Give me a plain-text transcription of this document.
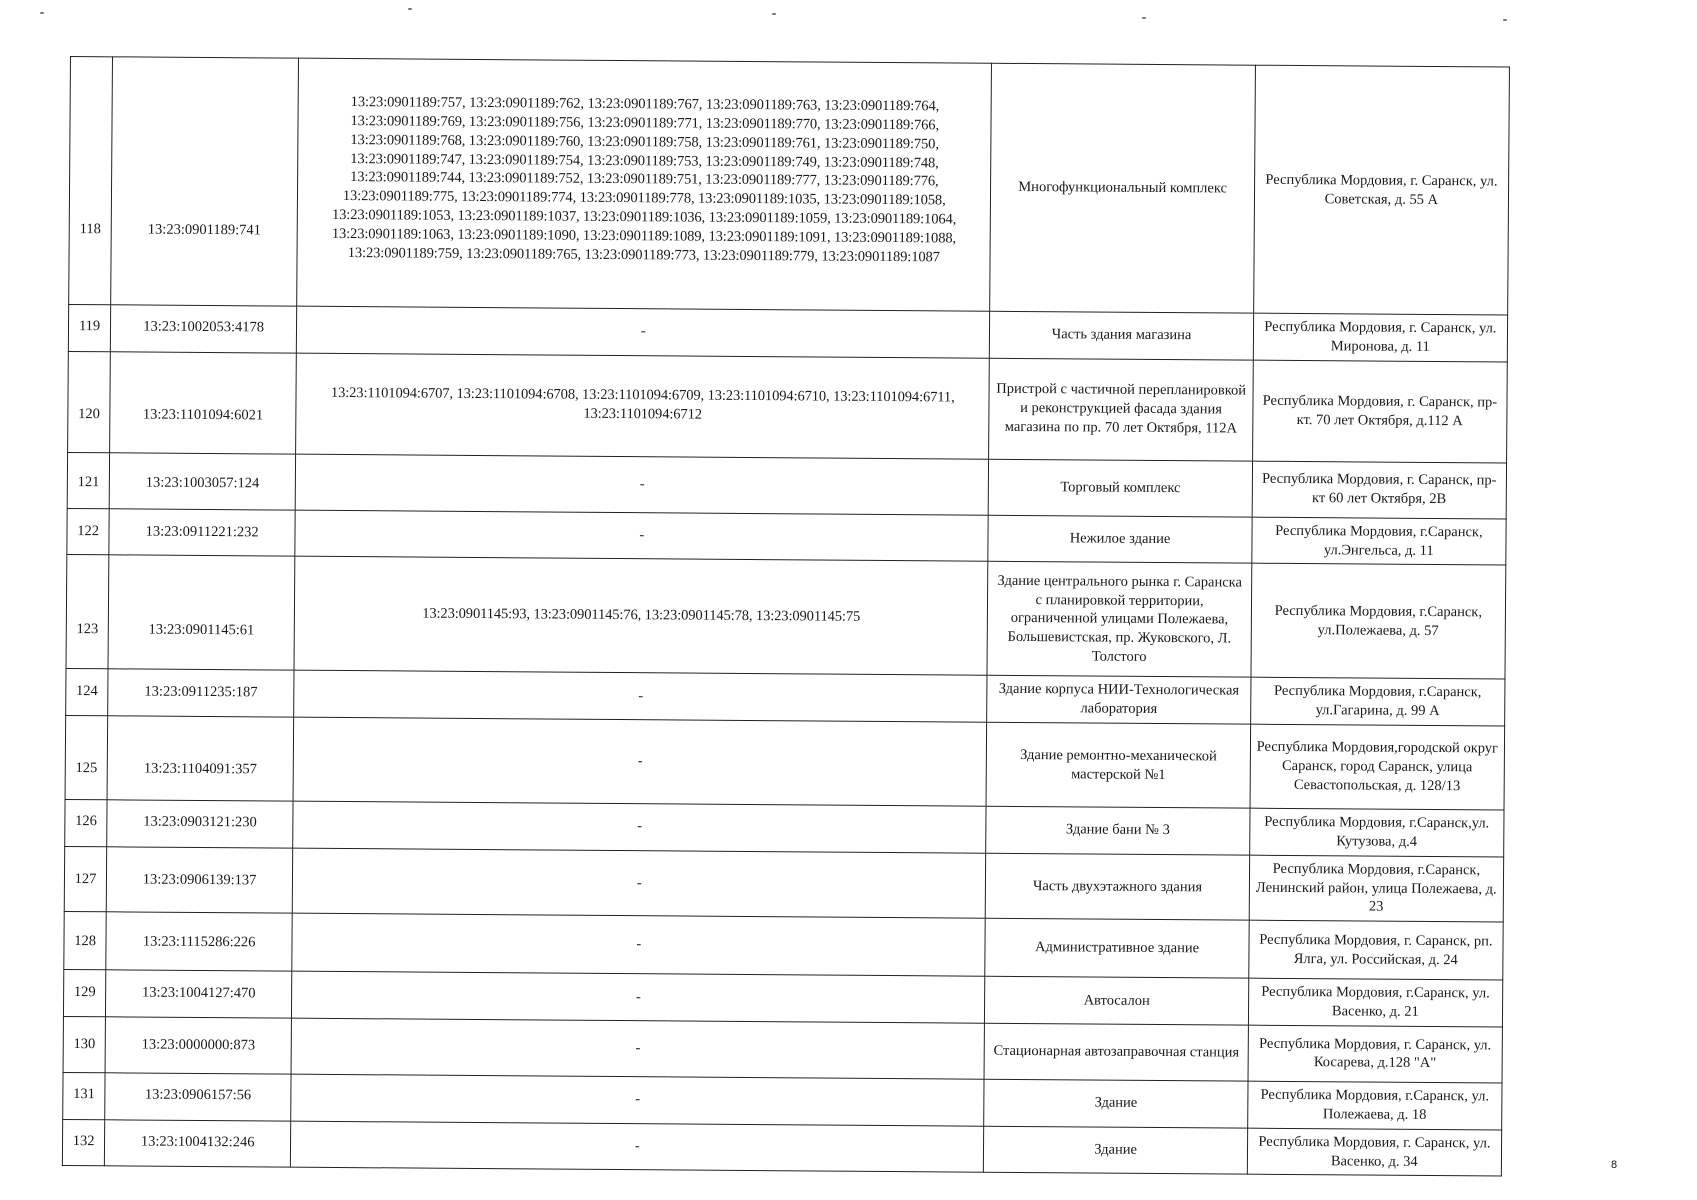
118	13:23:0901189:741	13:23:0901189:757, 13:23:0901189:762, 13:23:0901189:767, 13:23:0901189:763, 13:23:0901189:764, 13:23:0901189:769, 13:23:0901189:756, 13:23:0901189:771, 13:23:0901189:770, 13:23:0901189:766, 13:23:0901189:768, 13:23:0901189:760, 13:23:0901189:758, 13:23:0901189:761, 13:23:0901189:750, 13:23:0901189:747, 13:23:0901189:754, 13:23:0901189:753, 13:23:0901189:749, 13:23:0901189:748, 13:23:0901189:744, 13:23:0901189:752, 13:23:0901189:751, 13:23:0901189:777, 13:23:0901189:776, 13:23:0901189:775, 13:23:0901189:774, 13:23:0901189:778, 13:23:0901189:1035, 13:23:0901189:1058, 13:23:0901189:1053, 13:23:0901189:1037, 13:23:0901189:1036, 13:23:0901189:1059, 13:23:0901189:1064, 13:23:0901189:1063, 13:23:0901189:1090, 13:23:0901189:1089, 13:23:0901189:1091, 13:23:0901189:1088, 13:23:0901189:759, 13:23:0901189:765, 13:23:0901189:773, 13:23:0901189:779, 13:23:0901189:1087	Многофункциональный комплекс	Республика Мордовия, г. Саранск, ул. Советская, д. 55 А
119	13:23:1002053:4178	-	Часть здания магазина	Республика Мордовия, г. Саранск, ул. Миронова, д. 11
120	13:23:1101094:6021	13:23:1101094:6707, 13:23:1101094:6708, 13:23:1101094:6709, 13:23:1101094:6710, 13:23:1101094:6711, 13:23:1101094:6712	Пристрой с частичной перепланировкой и реконструкцией фасада здания магазина по пр. 70 лет Октября, 112А	Республика Мордовия, г. Саранск, пр-кт. 70 лет Октября, д.112 А
121	13:23:1003057:124	-	Торговый комплекс	Республика Мордовия, г. Саранск, пр-кт 60 лет Октября, 2В
122	13:23:0911221:232	-	Нежилое здание	Республика Мордовия, г.Саранск, ул.Энгельса, д. 11
123	13:23:0901145:61	13:23:0901145:93, 13:23:0901145:76, 13:23:0901145:78, 13:23:0901145:75	Здание центрального рынка г. Саранска с планировкой территории, ограниченной улицами Полежаева, Большевистская, пр. Жуковского, Л. Толстого	Республика Мордовия, г.Саранск, ул.Полежаева, д. 57
124	13:23:0911235:187	-	Здание корпуса НИИ-Технологическая лаборатория	Республика Мордовия, г.Саранск, ул.Гагарина, д. 99 А
125	13:23:1104091:357	-	Здание ремонтно-механической мастерской №1	Республика Мордовия,городской округ Саранск, город Саранск, улица Севастопольская, д. 128/13
126	13:23:0903121:230	-	Здание бани № 3	Республика Мордовия, г.Саранск,ул. Кутузова, д.4
127	13:23:0906139:137	-	Часть двухэтажного здания	Республика Мордовия, г.Саранск, Ленинский район, улица Полежаева, д. 23
128	13:23:1115286:226	-	Административное здание	Республика Мордовия, г. Саранск, рп. Ялга, ул. Российская, д. 24
129	13:23:1004127:470	-	Автосалон	Республика Мордовия, г.Саранск, ул. Васенко, д. 21
130	13:23:0000000:873	-	Стационарная автозаправочная станция	Республика Мордовия, г. Саранск, ул. Косарева, д.128 "А"
131	13:23:0906157:56	-	Здание	Республика Мордовия, г.Саранск, ул. Полежаева, д. 18
132	13:23:1004132:246	-	Здание	Республика Мордовия, г. Саранск, ул. Васенко, д. 34	8
